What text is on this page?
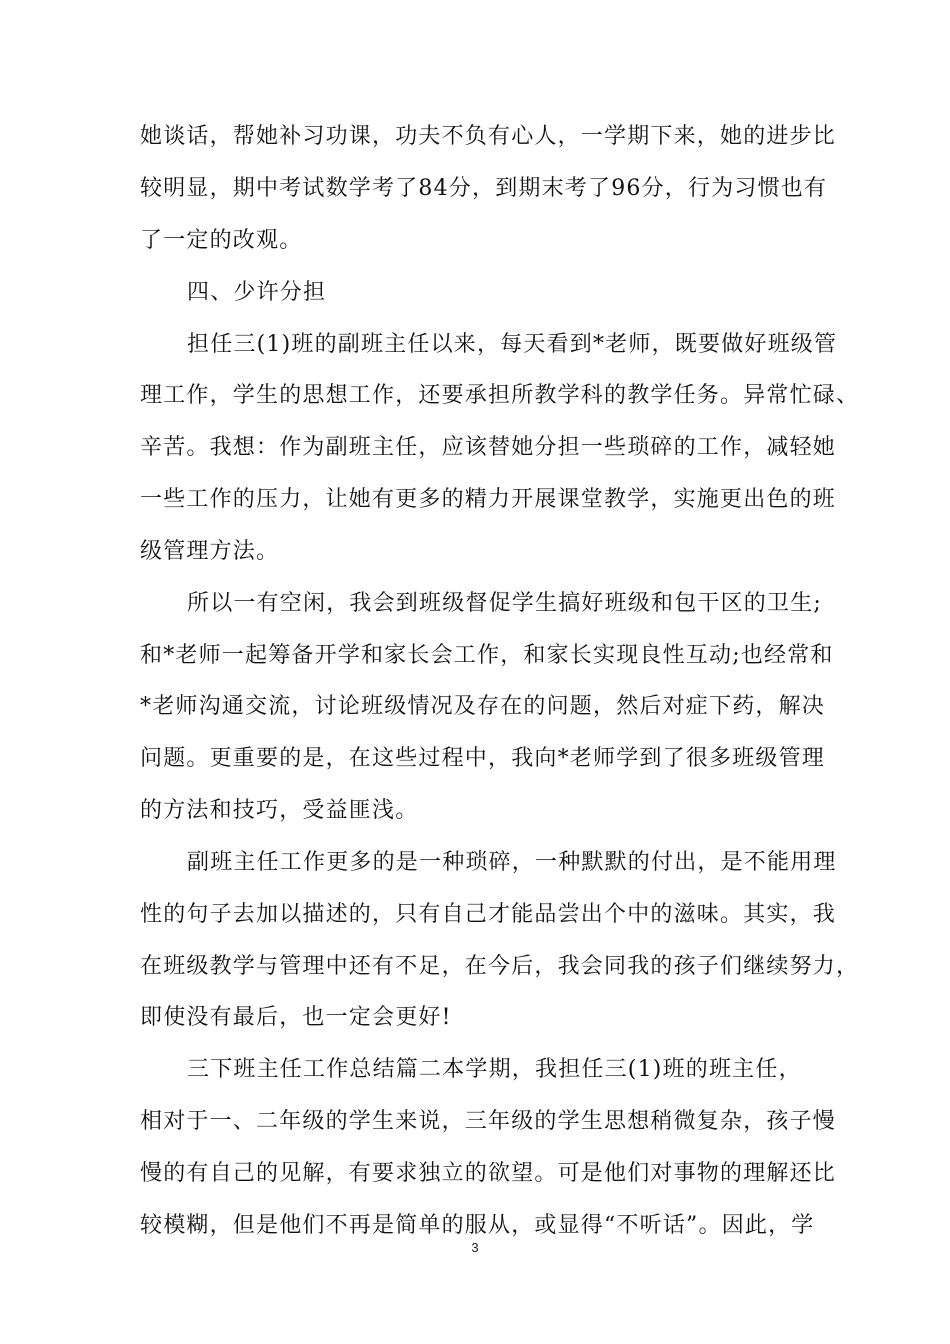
她谈话，帮她补习功课，功夫不负有心人，一学期下来，她的进步比
较明显，期中考试数学考了84分，到期末考了96分，行为习惯也有
了一定的改观。
四、少许分担
担任三(1)班的副班主任以来，每天看到*老师，既要做好班级管
理工作，学生的思想工作，还要承担所教学科的教学任务。异常忙碌、
辛苦。我想：作为副班主任，应该替她分担一些琐碎的工作，减轻她
一些工作的压力，让她有更多的精力开展课堂教学，实施更出色的班
级管理方法。
所以一有空闲，我会到班级督促学生搞好班级和包干区的卫生;
和*老师一起筹备开学和家长会工作，和家长实现良性互动;也经常和
*老师沟通交流，讨论班级情况及存在的问题，然后对症下药，解决
问题。更重要的是，在这些过程中，我向*老师学到了很多班级管理
的方法和技巧，受益匪浅。
副班主任工作更多的是一种琐碎，一种默默的付出，是不能用理
性的句子去加以描述的，只有自己才能品尝出个中的滋味。其实，我
在班级教学与管理中还有不足，在今后，我会同我的孩子们继续努力，
即使没有最后，也一定会更好!
三下班主任工作总结篇二本学期，我担任三(1)班的班主任，
相对于一、二年级的学生来说，三年级的学生思想稍微复杂，孩子慢
慢的有自己的见解，有要求独立的欲望。可是他们对事物的理解还比
较模糊，但是他们不再是简单的服从，或显得“不听话”。因此，学
3
